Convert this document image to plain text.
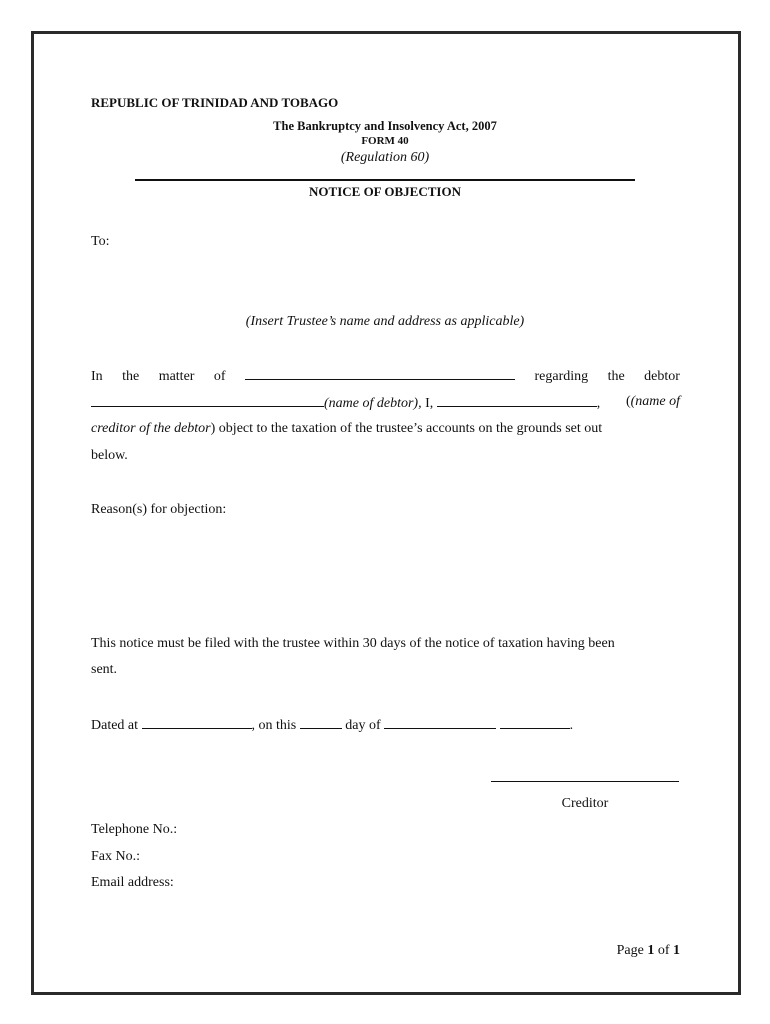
REPUBLIC OF TRINIDAD AND TOBAGO
The Bankruptcy and Insolvency Act, 2007
FORM 40
(Regulation 60)
NOTICE OF OBJECTION
To:
(Insert Trustee’s name and address as applicable)
In the matter of	regarding the debtor
(name of debtor), I,	, ((name of
creditor of the debtor) object to the taxation of the trustee’s accounts on the grounds set out
below.
Reason(s) for objection:
This notice must be filed with the trustee within 30 days of the notice of taxation having been
sent.
Dated at	, on this	day of	.
Creditor
Telephone No.:
Fax No.:
Email address:
Page 1 of 1
